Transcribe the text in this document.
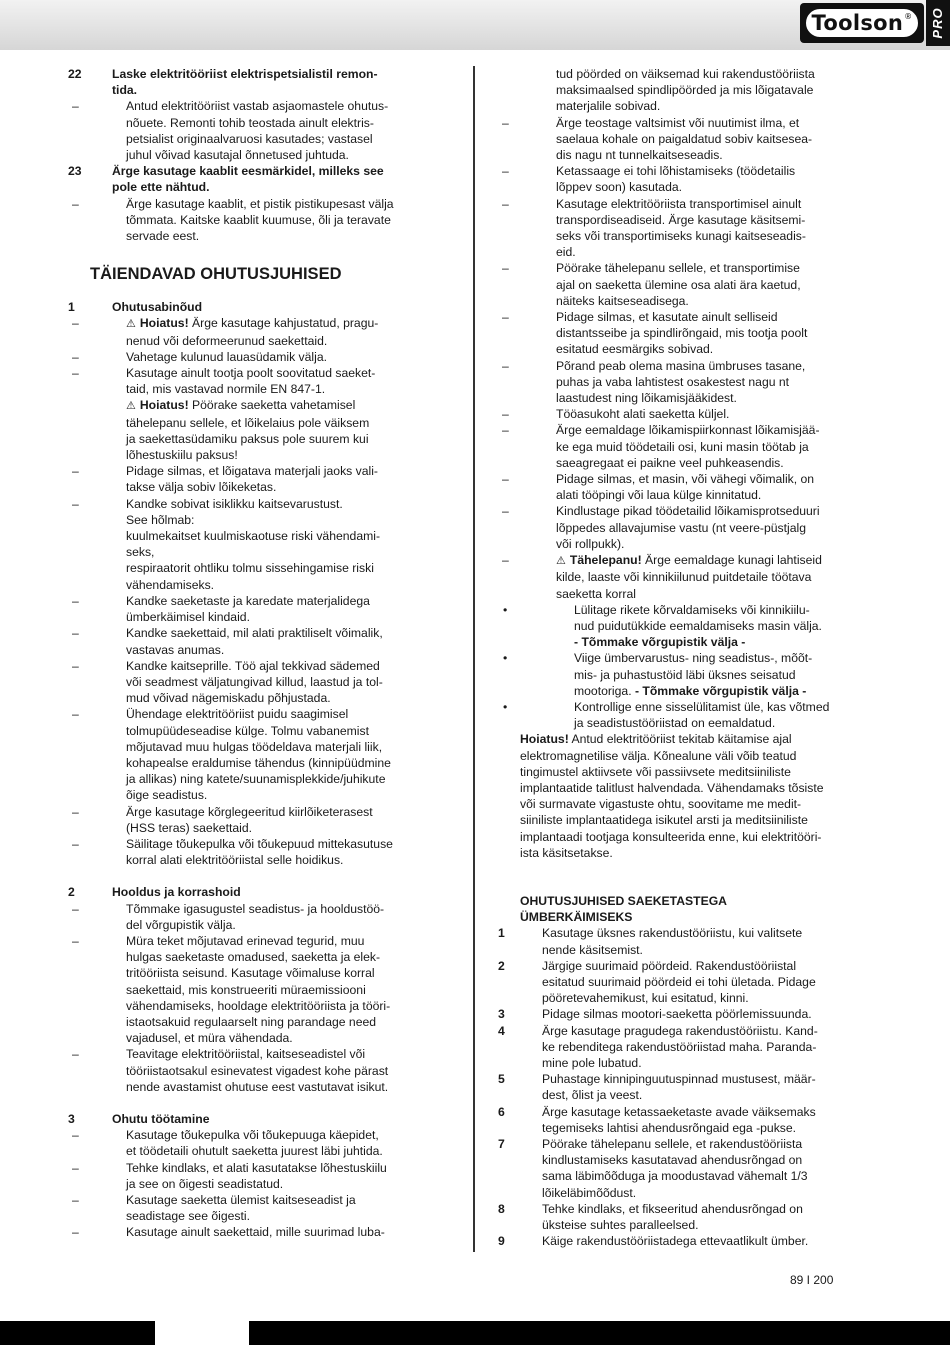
Toolson® PRO
22 Laske elektritööriist elektrispetsialistil remon-
tida.
–	Antud elektritööriist vastab asjaomastele ohutus-
nõuete. Remonti tohib teostada ainult elektris-
petsialist originaalvaruosi kasutades; vastasel
juhul võivad kasutajal õnnetused juhtuda.
23 Ärge kasutage kaablit eesmärkidel, milleks see
pole ette nähtud.
–	Ärge kasutage kaablit, et pistik pistikupesast välja
tõmmata. Kaitske kaablit kuumuse, õli ja teravate
servade eest.
TÄIENDAVAD OHUTUSJUHISED
1	Ohutusabinõud
–	⚠ Hoiatus! Ärge kasutage kahjustatud, pragu-
nenud või deformeerunud saekettaid.
–	Vahetage kulunud lauasüdamik välja.
–	Kasutage ainult tootja poolt soovitatud saeket-
taid, mis vastavad normile EN 847-1.
⚠ Hoiatus! Pöörake saeketta vahetamisel
tähelepanu sellele, et lõikelaius pole väiksem
ja saekettasüdamiku paksus pole suurem kui
lõhestuskiilu paksus!
–	Pidage silmas, et lõigatava materjali jaoks vali-
takse välja sobiv lõikeketas.
–	Kandke sobivat isiklikku kaitsevarustust.
See hõlmab:
kuulmekaitset kuulmiskaotuse riski vähendami-
seks,
respiraatorit ohtliku tolmu sissehingamise riski
vähendamiseks.
–	Kandke saeketaste ja karedate materjalidega
ümberkäimisel kindaid.
–	Kandke saekettaid, mil alati praktiliselt võimalik,
vastavas anumas.
–	Kandke kaitseprille. Töö ajal tekkivad sädemed
või seadmest väljatungivad killud, laastud ja tol-
mud võivad nägemiskadu põhjustada.
–	Ühendage elektritööriist puidu saagimisel
tolmupüüdeseadise külge. Tolmu vabanemist
mõjutavad muu hulgas töödeldava materjali liik,
kohapealse eraldumise tähendus (kinnipüüdmine
ja allikas) ning katete/suunamisplekkide/juhikute
õige seadistus.
–	Ärge kasutage kõrglegeeritud kiirlõiketerasest
(HSS teras) saekettaid.
–	Säilitage tõukepulka või tõukepuud mittekasutuse
korral alati elektritööriistal selle hoidikus.
2	Hooldus ja korrashoid
–	Tõmmake igasugustel seadistus- ja hooldustöö-
del võrgupistik välja.
–	Müra teket mõjutavad erinevad tegurid, muu
hulgas saeketaste omadused, saeketta ja elek-
tritööriista seisund. Kasutage võimaluse korral
saekettaid, mis konstrueeriti müraemissiooni
vähendamiseks, hooldage elektritööriista ja tööri-
istaotsakuid regulaarselt ning parandage need
vajadusel, et müra vähendada.
–	Teavitage elektritööriistal, kaitseseadistel või
tööriistaotsakul esinevatest vigadest kohe pärast
nende avastamist ohutuse eest vastutavat isikut.
3	Ohutu töötamine
–	Kasutage tõukepulka või tõukepuuga käepidet,
et töödetaili ohutult saeketta juurest läbi juhtida.
–	Tehke kindlaks, et alati kasutatakse lõhestuskiilu
ja see on õigesti seadistatud.
–	Kasutage saeketta ülemist kaitseseadist ja
seadistage see õigesti.
–	Kasutage ainult saekettaid, mille suurimad luba-
tud pöörded on väiksemad kui rakendustööriista
maksimaalsed spindlipöörded ja mis lõigatavale
materjalile sobivad.
–	Ärge teostage valtsimist või nuutimist ilma, et
saelaua kohale on paigaldatud sobiv kaitsesea-
dis nagu nt tunnelkaitseseadis.
–	Ketassaage ei tohi lõhistamiseks (töödetailis
lõppev soon) kasutada.
–	Kasutage elektritööriista transportimisel ainult
transpordiseadiseid. Ärge kasutage käsitsemi-
seks või transportimiseks kunagi kaitseseadis-
eid.
–	Pöörake tähelepanu sellele, et transportimise
ajal on saeketta ülemine osa alati ära kaetud,
näiteks kaitseseadisega.
–	Pidage silmas, et kasutate ainult selliseid
distantsseibe ja spindlirõngaid, mis tootja poolt
esitatud eesmärgiks sobivad.
–	Põrand peab olema masina ümbruses tasane,
puhas ja vaba lahtistest osakestest nagu nt
laastudest ning lõikamisjääkidest.
–	Tööasukoht alati saeketta küljel.
–	Ärge eemaldage lõikamispiirkonnast lõikamisjää-
ke ega muid töödetaili osi, kuni masin töötab ja
saeagregaat ei paikne veel puhkeasendis.
–	Pidage silmas, et masin, või vähegi võimalik, on
alati tööpingi või laua külge kinnitatud.
–	Kindlustage pikad töödetailid lõikamisprotseduuri
lõppedes allavajumise vastu (nt veere-püstjalg
või rollpukk).
–	⚠ Tähelepanu! Ärge eemaldage kunagi lahtiseid
kilde, laaste või kinnikiilunud puitdetaile töötava
saeketta korral
•	Lülitage rikete kõrvaldamiseks või kinnikiilu-
nud puidutükkide eemaldamiseks masin välja.
- Tõmmake võrgupistik välja -
•	Viige ümbervarustus- ning seadistus-, mõõt-
mis- ja puhastustöid läbi üksnes seisatud
mootoriga. - Tõmmake võrgupistik välja -
•	Kontrollige enne sisselülitamist üle, kas võtmed
ja seadistustööriistad on eemaldatud.
Hoiatus! Antud elektritööriist tekitab käitamise ajal
elektromagnetilise välja. Kõnealune väli võib teatud
tingimustel aktiivsete või passiivsete meditsiiniliste
implantaatide talitlust halvendada. Vähendamaks tõsiste
või surmavate vigastuste ohtu, soovitame me medit-
siiniliste implantaatidega isikutel arsti ja meditsiiniliste
implantaadi tootjaga konsulteerida enne, kui elektritööri-
ista käsitsetakse.
OHUTUSJUHISED SAEKETASTEGA
ÜMBERKÄIMISEKS
1	Kasutage üksnes rakendustööriistu, kui valitsete
nende käsitsemist.
2	Järgige suurimaid pöördeid. Rakendustööriistal
esitatud suurimaid pöördeid ei tohi ületada. Pidage
pööretevahemikust, kui esitatud, kinni.
3	Pidage silmas mootori-saeketta pöörlemissuunda.
4	Ärge kasutage pragudega rakendustööriistu. Kand-
ke rebenditega rakendustööriistad maha. Paranda-
mine pole lubatud.
5	Puhastage kinnipinguutuspinnad mustusest, määr-
dest, õlist ja veest.
6	Ärge kasutage ketassaeketaste avade väiksemaks
tegemiseks lahtisi ahendusrõngaid ega -pukse.
7	Pöörake tähelepanu sellele, et rakendustööriista
kindlustamiseks kasutatavad ahendusrõngad on
sama läbimõõduga ja moodustavad vähemalt 1/3
lõikeläbimõõdust.
8	Tehke kindlaks, et fikseeritud ahendusrõngad on
üksteise suhtes paralleelsed.
9	Käige rakendustööriistadega ettevaatlikult ümber.
89 I 200
